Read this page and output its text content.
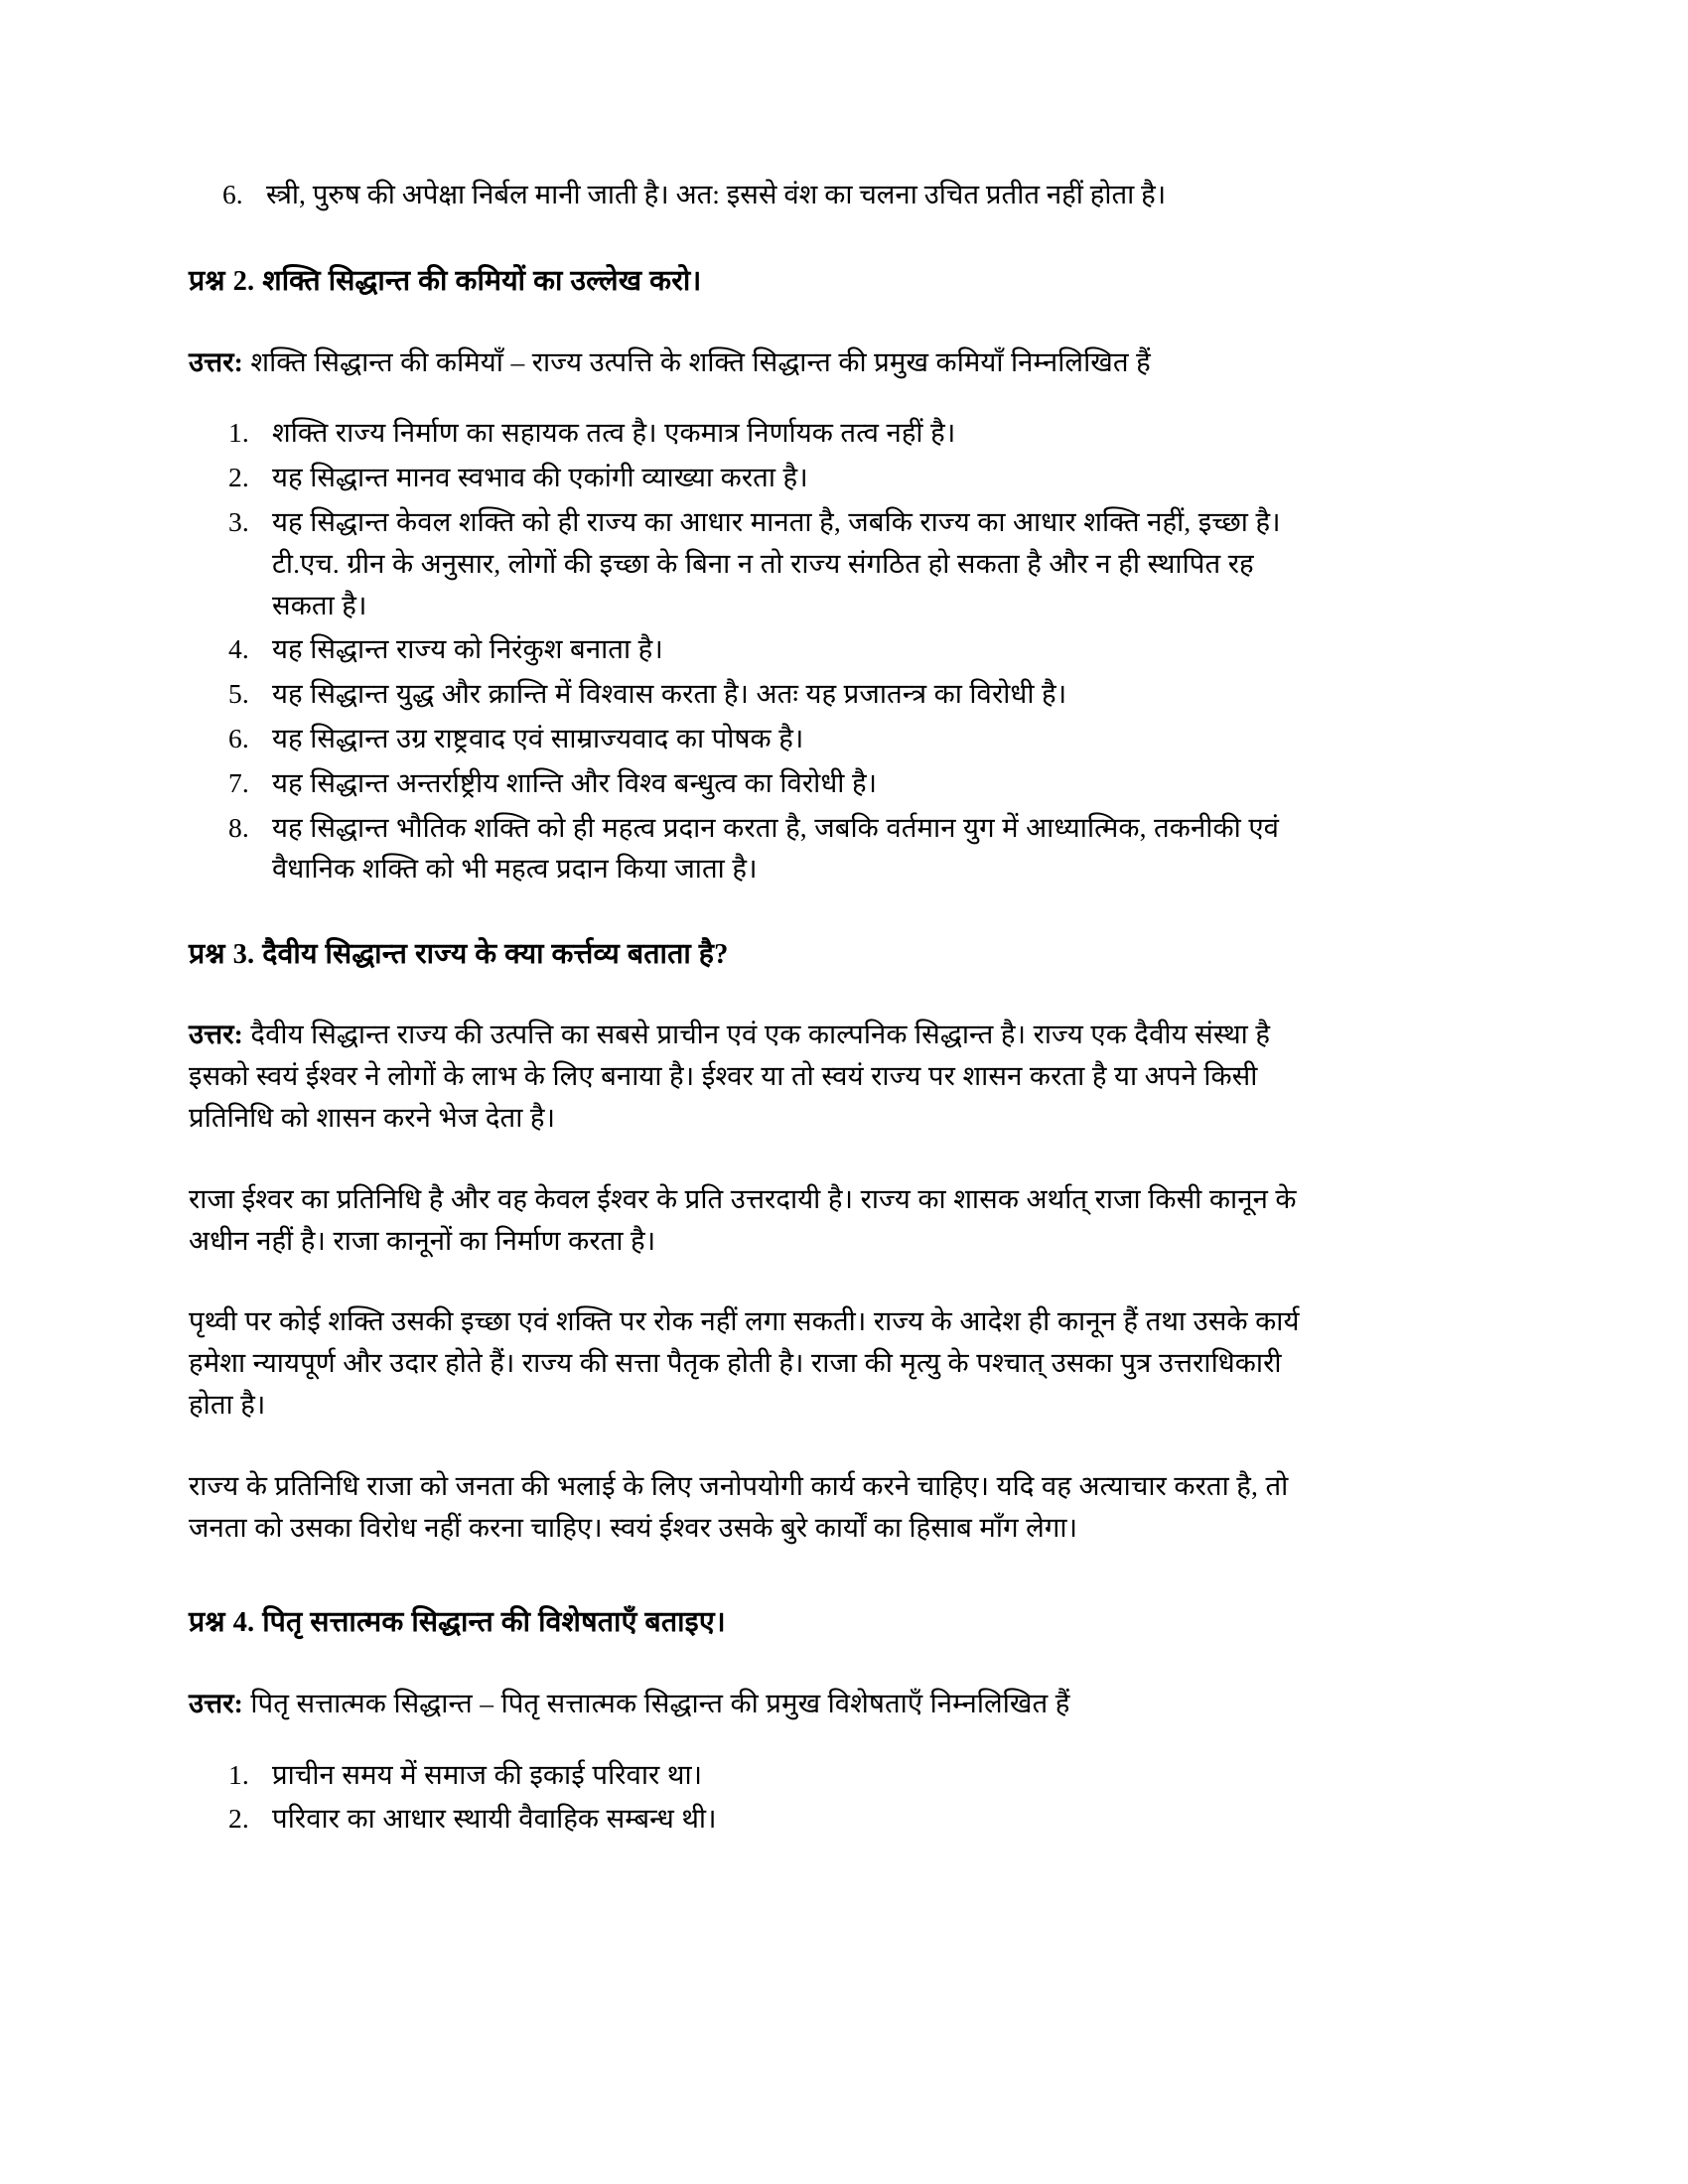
6. स्त्री, पुरुष की अपेक्षा निर्बल मानी जाती है। अत: इससे वंश का चलना उचित प्रतीत नहीं होता है।
प्रश्न 2. शक्ति सिद्धान्त की कमियों का उल्लेख करो।

उत्तर: शक्ति सिद्धान्त की कमियाँ – राज्य उत्पत्ति के शक्ति सिद्धान्त की प्रमुख कमियाँ निम्नलिखित हैं

1. शक्ति राज्य निर्माण का सहायक तत्व है। एकमात्र निर्णायक तत्व नहीं है।
2. यह सिद्धान्त मानव स्वभाव की एकांगी व्याख्या करता है।
3. यह सिद्धान्त केवल शक्ति को ही राज्य का आधार मानता है, जबकि राज्य का आधार शक्ति नहीं, इच्छा है। टी.एच. ग्रीन के अनुसार, लोगों की इच्छा के बिना न तो राज्य संगठित हो सकता है और न ही स्थापित रह सकता है।
4. यह सिद्धान्त राज्य को निरंकुश बनाता है।
5. यह सिद्धान्त युद्ध और क्रान्ति में विश्वास करता है। अतः यह प्रजातन्त्र का विरोधी है।
6. यह सिद्धान्त उग्र राष्ट्रवाद एवं साम्राज्यवाद का पोषक है।
7. यह सिद्धान्त अन्तर्राष्ट्रीय शान्ति और विश्व बन्धुत्व का विरोधी है।
8. यह सिद्धान्त भौतिक शक्ति को ही महत्व प्रदान करता है, जबकि वर्तमान युग में आध्यात्मिक, तकनीकी एवं वैधानिक शक्ति को भी महत्व प्रदान किया जाता है।
प्रश्न 3. दैवीय सिद्धान्त राज्य के क्या कर्त्तव्य बताता है?

उत्तर: दैवीय सिद्धान्त राज्य की उत्पत्ति का सबसे प्राचीन एवं एक काल्पनिक सिद्धान्त है। राज्य एक दैवीय संस्था है इसको स्वयं ईश्वर ने लोगों के लाभ के लिए बनाया है। ईश्वर या तो स्वयं राज्य पर शासन करता है या अपने किसी प्रतिनिधि को शासन करने भेज देता है।

राजा ईश्वर का प्रतिनिधि है और वह केवल ईश्वर के प्रति उत्तरदायी है। राज्य का शासक अर्थात् राजा किसी कानून के अधीन नहीं है। राजा कानूनों का निर्माण करता है।

पृथ्वी पर कोई शक्ति उसकी इच्छा एवं शक्ति पर रोक नहीं लगा सकती। राज्य के आदेश ही कानून हैं तथा उसके कार्य हमेशा न्यायपूर्ण और उदार होते हैं। राज्य की सत्ता पैतृक होती है। राजा की मृत्यु के पश्चात् उसका पुत्र उत्तराधिकारी होता है।

राज्य के प्रतिनिधि राजा को जनता की भलाई के लिए जनोपयोगी कार्य करने चाहिए। यदि वह अत्याचार करता है, तो जनता को उसका विरोध नहीं करना चाहिए। स्वयं ईश्वर उसके बुरे कार्यों का हिसाब माँग लेगा।

प्रश्न 4. पितृ सत्तात्मक सिद्धान्त की विशेषताएँ बताइए।

उत्तर: पितृ सत्तात्मक सिद्धान्त – पितृ सत्तात्मक सिद्धान्त की प्रमुख विशेषताएँ निम्नलिखित हैं

1. प्राचीन समय में समाज की इकाई परिवार था।
2. परिवार का आधार स्थायी वैवाहिक सम्बन्ध थी।
